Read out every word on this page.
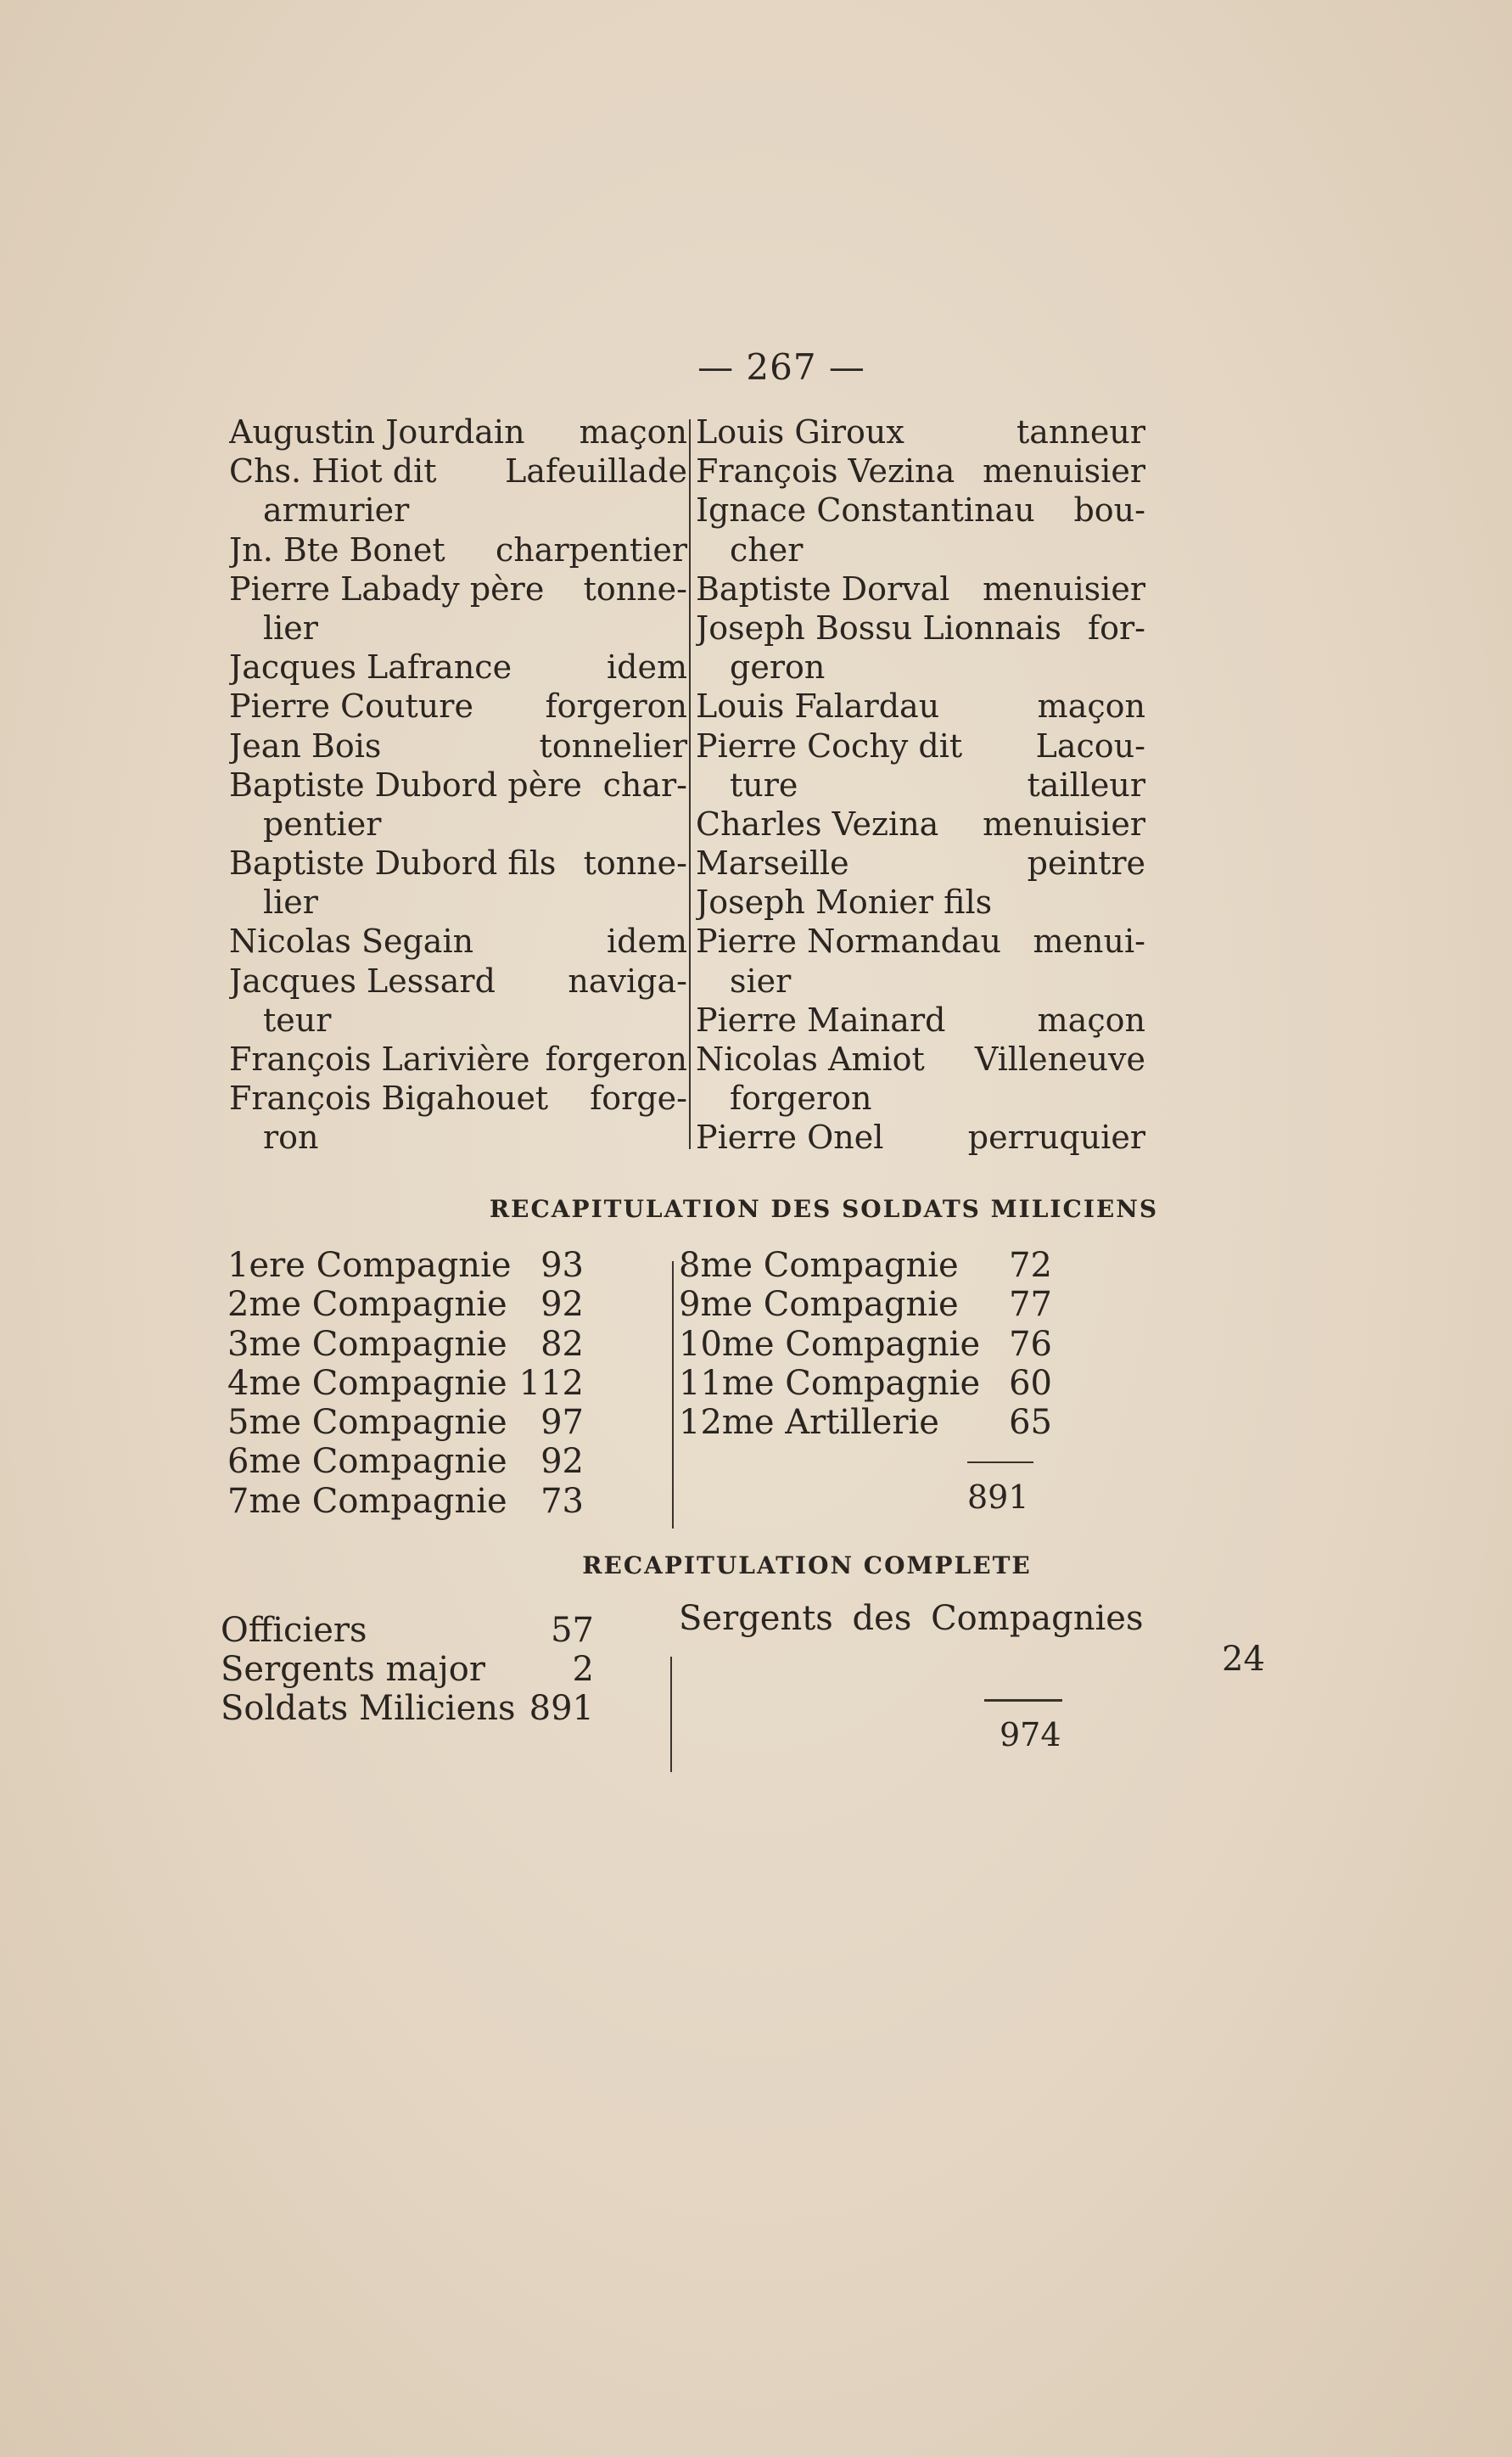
— 267 —
Augustin Jourdain maçon
Chs. Hiot dit Lafeuillade
armurier
Jn. Bte Bonet charpentier
Pierre Labady père tonne-
lier
Jacques Lafrance	idem
Pierre Couture forgeron
Jean Bois	tonnelier
Baptiste Dubord père char-
pentier
Baptiste Dubord fils tonne-
lier
Nicolas Segain	idem
Jacques Lessard naviga-
teur
François Larivière forgeron
François Bigahouet forge-
ron
Louis Giroux	tanneur
François Vezina menuisier
Ignace Constantinau bou-
cher
Baptiste Dorval menuisier
Joseph Bossu Lionnais for-
geron
Louis Falardau	maçon
Pierre Cochy dit Lacou-
ture	tailleur
Charles Vezina menuisier
Marseille	peintre
Joseph Monier fils
Pierre Normandau menui-
sier
Pierre Mainard	maçon
Nicolas Amiot Villeneuve
forgeron
Pierre Onel	perruquier
RECAPITULATION DES SOLDATS MILICIENS
1ere Compagnie 93
2me Compagnie 92
3me Compagnie 82
4me Compagnie 112
5me Compagnie 97
6me Compagnie 92
7me Compagnie 73
8me Compagnie 72
9me Compagnie 77
10me Compagnie 76
11me Compagnie 60
12me Artillerie 65
891
RECAPITULATION COMPLETE
Officiers	57
Sergents major	2
Soldats Miliciens 891
Sergents des Compagnies
24
974
